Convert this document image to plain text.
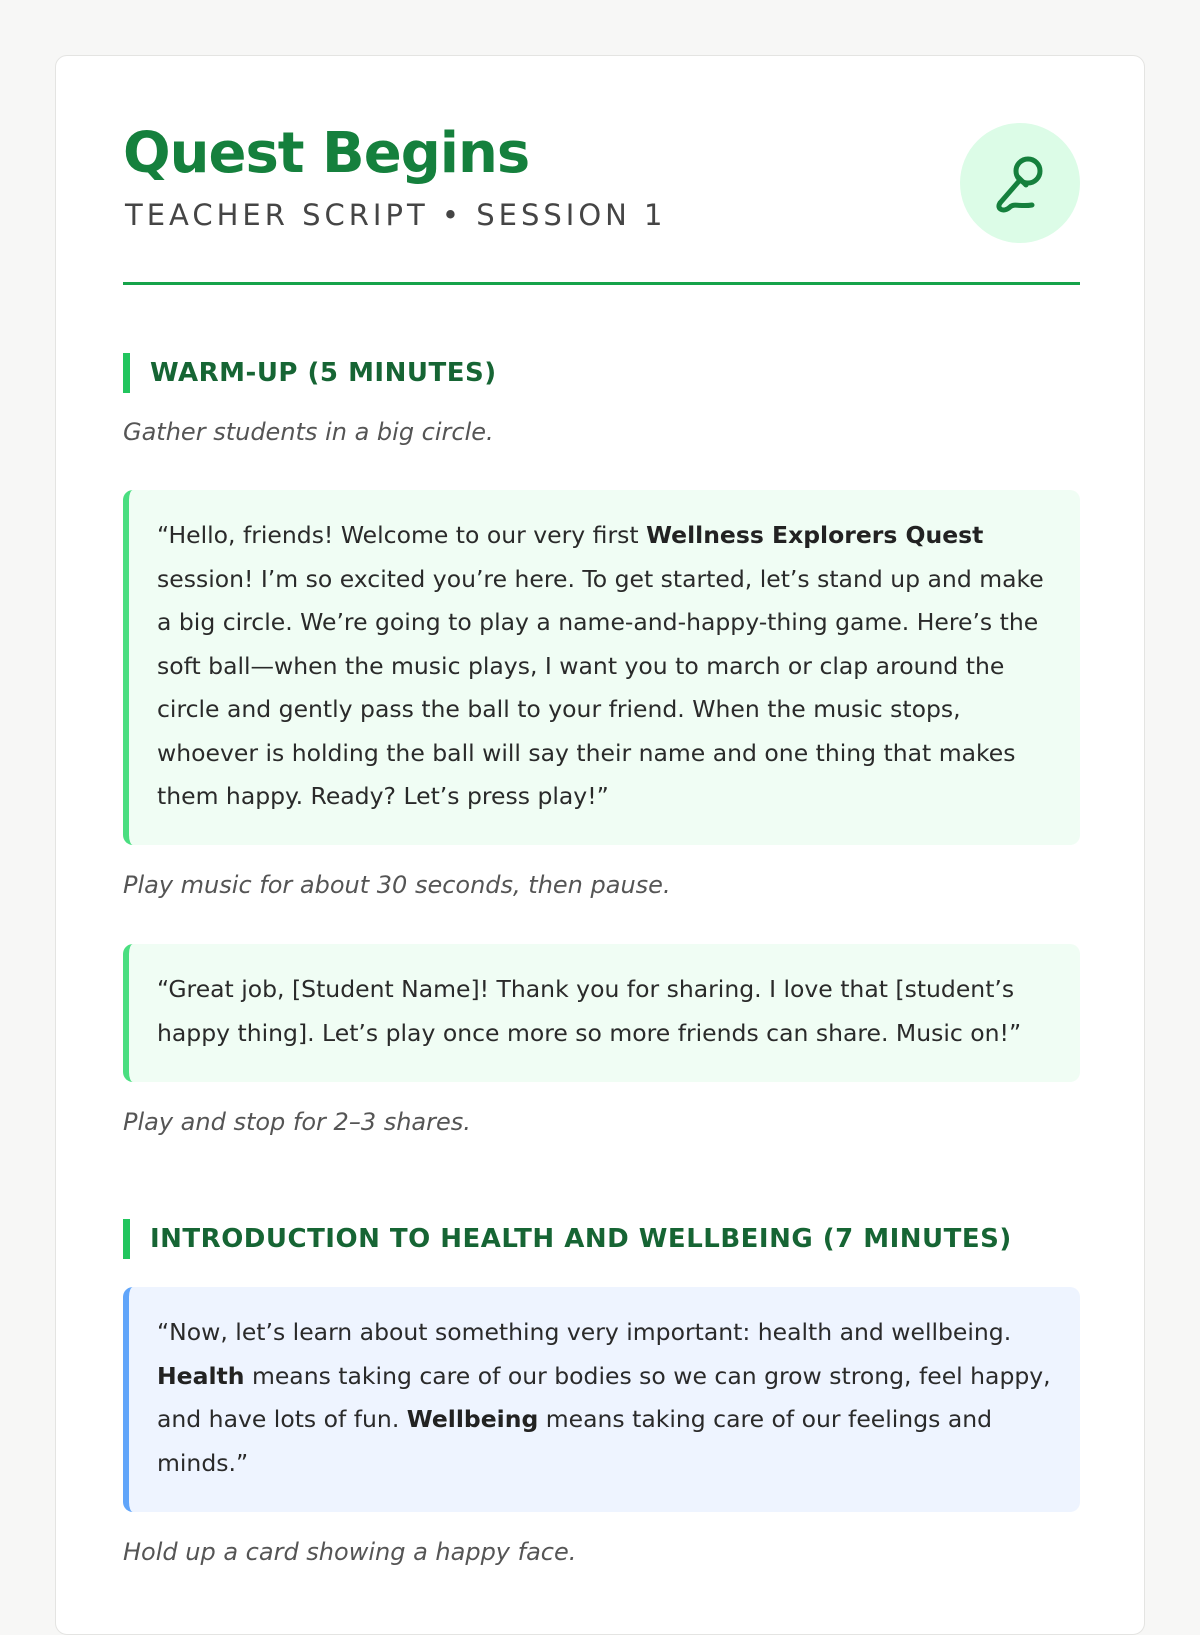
Quest Begins
TEACHER SCRIPT • SESSION 1
WARM-UP (5 MINUTES)
Gather students in a big circle.
“Hello, friends! Welcome to our very first Wellness Explorers Quest session! I’m so excited you’re here. To get started, let’s stand up and make a big circle. We’re going to play a name-and-happy-thing game. Here’s the soft ball—when the music plays, I want you to march or clap around the circle and gently pass the ball to your friend. When the music stops, whoever is holding the ball will say their name and one thing that makes them happy. Ready? Let’s press play!”
Play music for about 30 seconds, then pause.
“Great job, [Student Name]! Thank you for sharing. I love that [student’s happy thing]. Let’s play once more so more friends can share. Music on!”
Play and stop for 2–3 shares.
INTRODUCTION TO HEALTH AND WELLBEING (7 MINUTES)
“Now, let’s learn about something very important: health and wellbeing. Health means taking care of our bodies so we can grow strong, feel happy, and have lots of fun. Wellbeing means taking care of our feelings and minds.”
Hold up a card showing a happy face.
